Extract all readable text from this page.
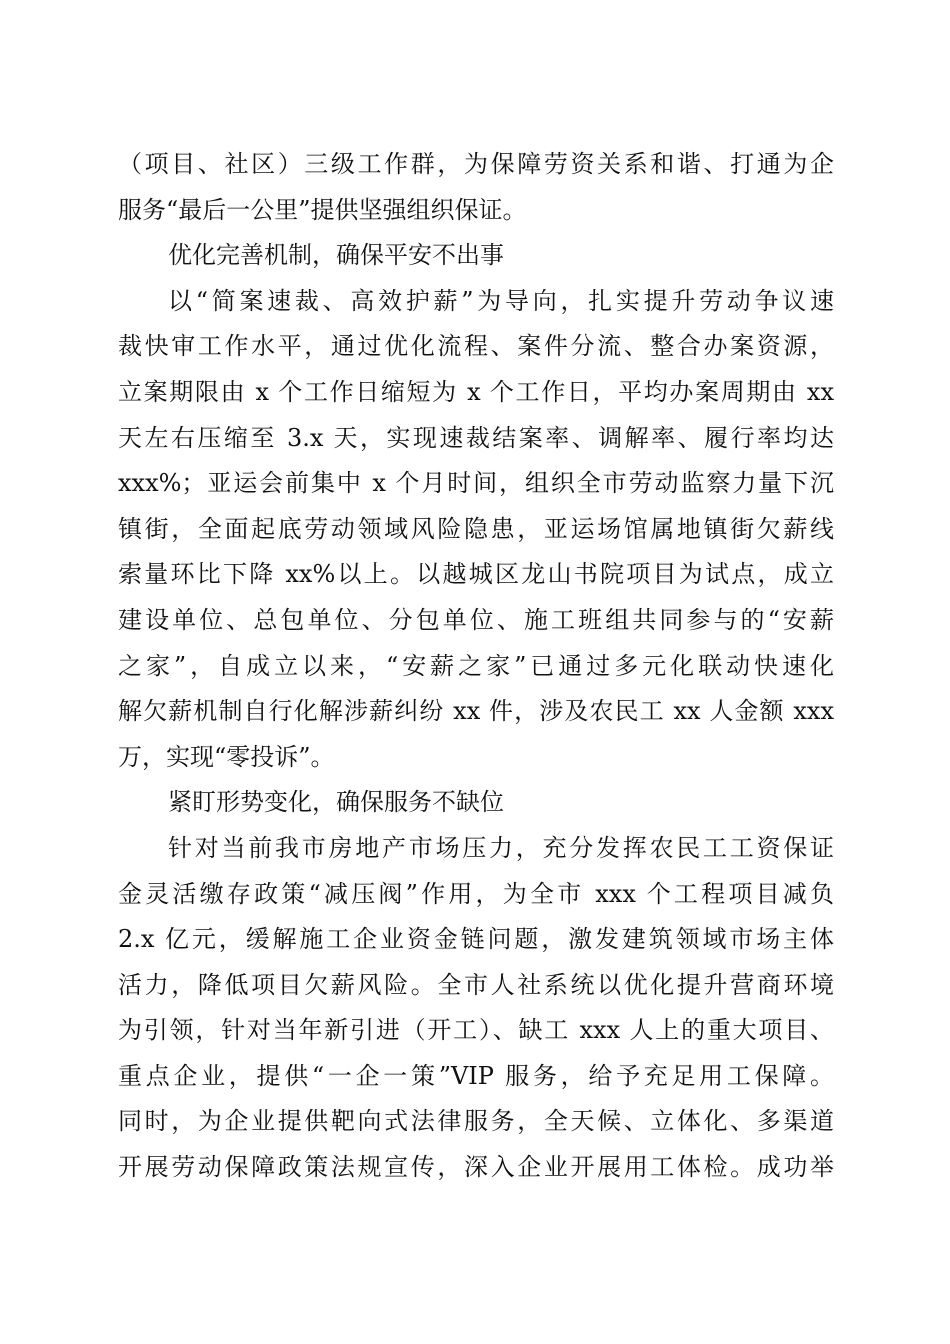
（项目、社区）三级工作群，为保障劳资关系和谐、打通为企
服务“最后一公里”提供坚强组织保证。
优化完善机制，确保平安不出事
以“简案速裁、高效护薪”为导向，扎实提升劳动争议速
裁快审工作水平，通过优化流程、案件分流、整合办案资源，
立案期限由 x 个工作日缩短为 x 个工作日，平均办案周期由 xx
天左右压缩至 3.x 天，实现速裁结案率、调解率、履行率均达
xxx%；亚运会前集中 x 个月时间，组织全市劳动监察力量下沉
镇街，全面起底劳动领域风险隐患，亚运场馆属地镇街欠薪线
索量环比下降 xx%以上。以越城区龙山书院项目为试点，成立
建设单位、总包单位、分包单位、施工班组共同参与的“安薪
之家”，自成立以来，“安薪之家”已通过多元化联动快速化
解欠薪机制自行化解涉薪纠纷 xx 件，涉及农民工 xx 人金额 xxx
万，实现“零投诉”。
紧盯形势变化，确保服务不缺位
针对当前我市房地产市场压力，充分发挥农民工工资保证
金灵活缴存政策“减压阀”作用，为全市 xxx 个工程项目减负
2.x 亿元，缓解施工企业资金链问题，激发建筑领域市场主体
活力，降低项目欠薪风险。全市人社系统以优化提升营商环境
为引领，针对当年新引进（开工）、缺工 xxx 人上的重大项目、
重点企业，提供“一企一策”VIP 服务，给予充足用工保障。
同时，为企业提供靶向式法律服务，全天候、立体化、多渠道
开展劳动保障政策法规宣传，深入企业开展用工体检。成功举
